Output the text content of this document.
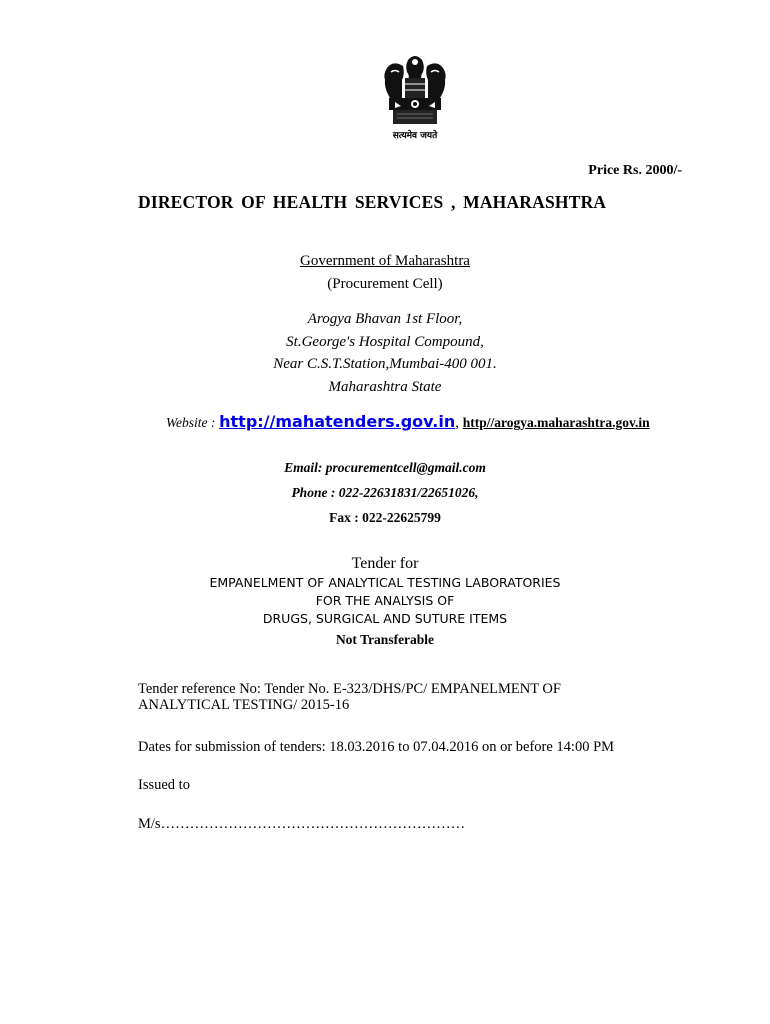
सत्यमेव जयते
Price Rs. 2000/-
DIRECTOR OF HEALTH SERVICES , MAHARASHTRA
Government of Maharashtra
(Procurement Cell)
Arogya Bhavan 1st Floor,
St.George's Hospital Compound,
Near C.S.T.Station,Mumbai-400 001.
Maharashtra State
Website : http://mahatenders.gov.in, http//arogya.maharashtra.gov.in
Email: procurementcell@gmail.com
Phone : 022-22631831/22651026,
Fax : 022-22625799
Tender for
EMPANELMENT OF ANALYTICAL TESTING LABORATORIES
FOR THE ANALYSIS OF
DRUGS, SURGICAL AND SUTURE ITEMS
Not Transferable
Tender reference No: Tender No. E-323/DHS/PC/ EMPANELMENT OF
ANALYTICAL TESTING/ 2015-16
Dates for submission of tenders: 18.03.2016 to 07.04.2016 on or before 14:00 PM
Issued to
M/s………………………………………………………
